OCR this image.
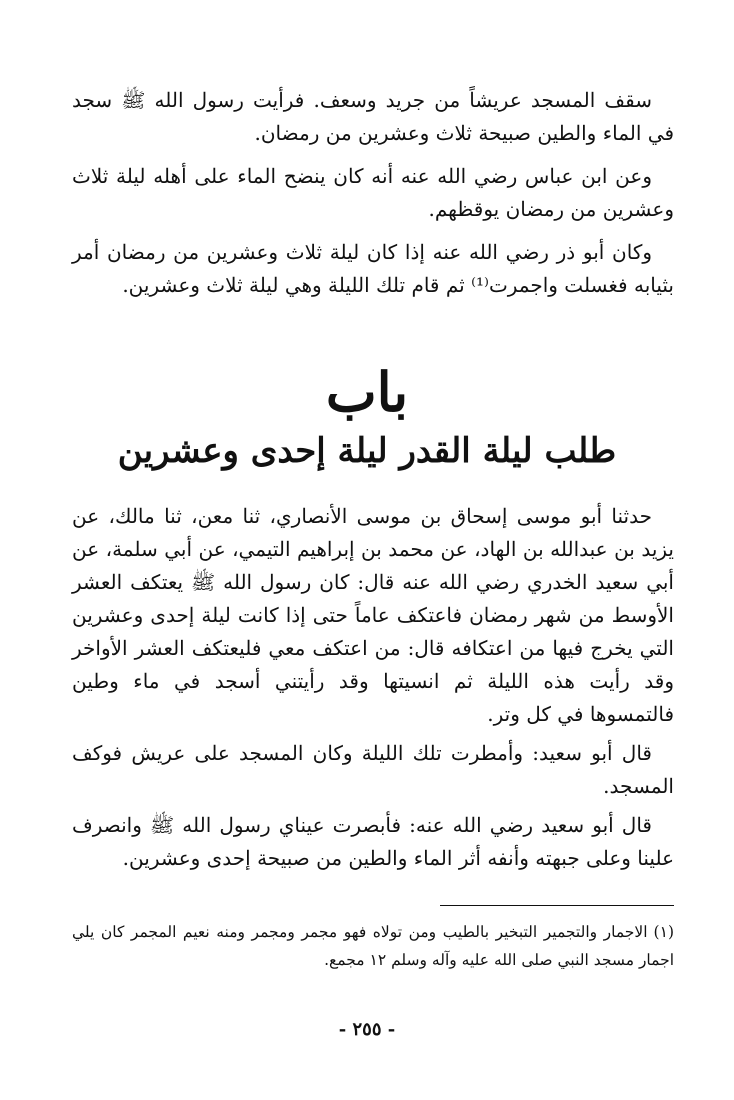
سقف المسجد عريشاً من جريد وسعف. فرأيت رسول الله ﷺ سجد في الماء والطين صبيحة ثلاث وعشرين من رمضان.

وعن ابن عباس رضي الله عنه أنه كان ينضح الماء على أهله ليلة ثلاث وعشرين من رمضان يوقظهم.

وكان أبو ذر رضي الله عنه إذا كان ليلة ثلاث وعشرين من رمضان أمر بثيابه فغسلت واجمرت⁽¹⁾ ثم قام تلك الليلة وهي ليلة ثلاث وعشرين.

باب
طلب ليلة القدر ليلة إحدى وعشرين

حدثنا أبو موسى إسحاق بن موسى الأنصاري، ثنا معن، ثنا مالك، عن يزيد بن عبدالله بن الهاد، عن محمد بن إبراهيم التيمي، عن أبي سلمة، عن أبي سعيد الخدري رضي الله عنه قال: كان رسول الله ﷺ يعتكف العشر الأوسط من شهر رمضان فاعتكف عاماً حتى إذا كانت ليلة إحدى وعشرين التي يخرج فيها من اعتكافه قال: من اعتكف معي فليعتكف العشر الأواخر وقد رأيت هذه الليلة ثم انسيتها وقد رأيتني أسجد في ماء وطين فالتمسوها في كل وتر.

قال أبو سعيد: وأمطرت تلك الليلة وكان المسجد على عريش فوكف المسجد.

قال أبو سعيد رضي الله عنه: فأبصرت عيناي رسول الله ﷺ وانصرف علينا وعلى جبهته وأنفه أثر الماء والطين من صبيحة إحدى وعشرين.

(١)الاجمار والتجمير التبخير بالطيب ومن تولاه فهو مجمر ومجمر ومنه نعيم المجمر كان يلي اجمار مسجد النبي صلى الله عليه وآله وسلم ١٢ مجمع.

- ٢٥٥ -
